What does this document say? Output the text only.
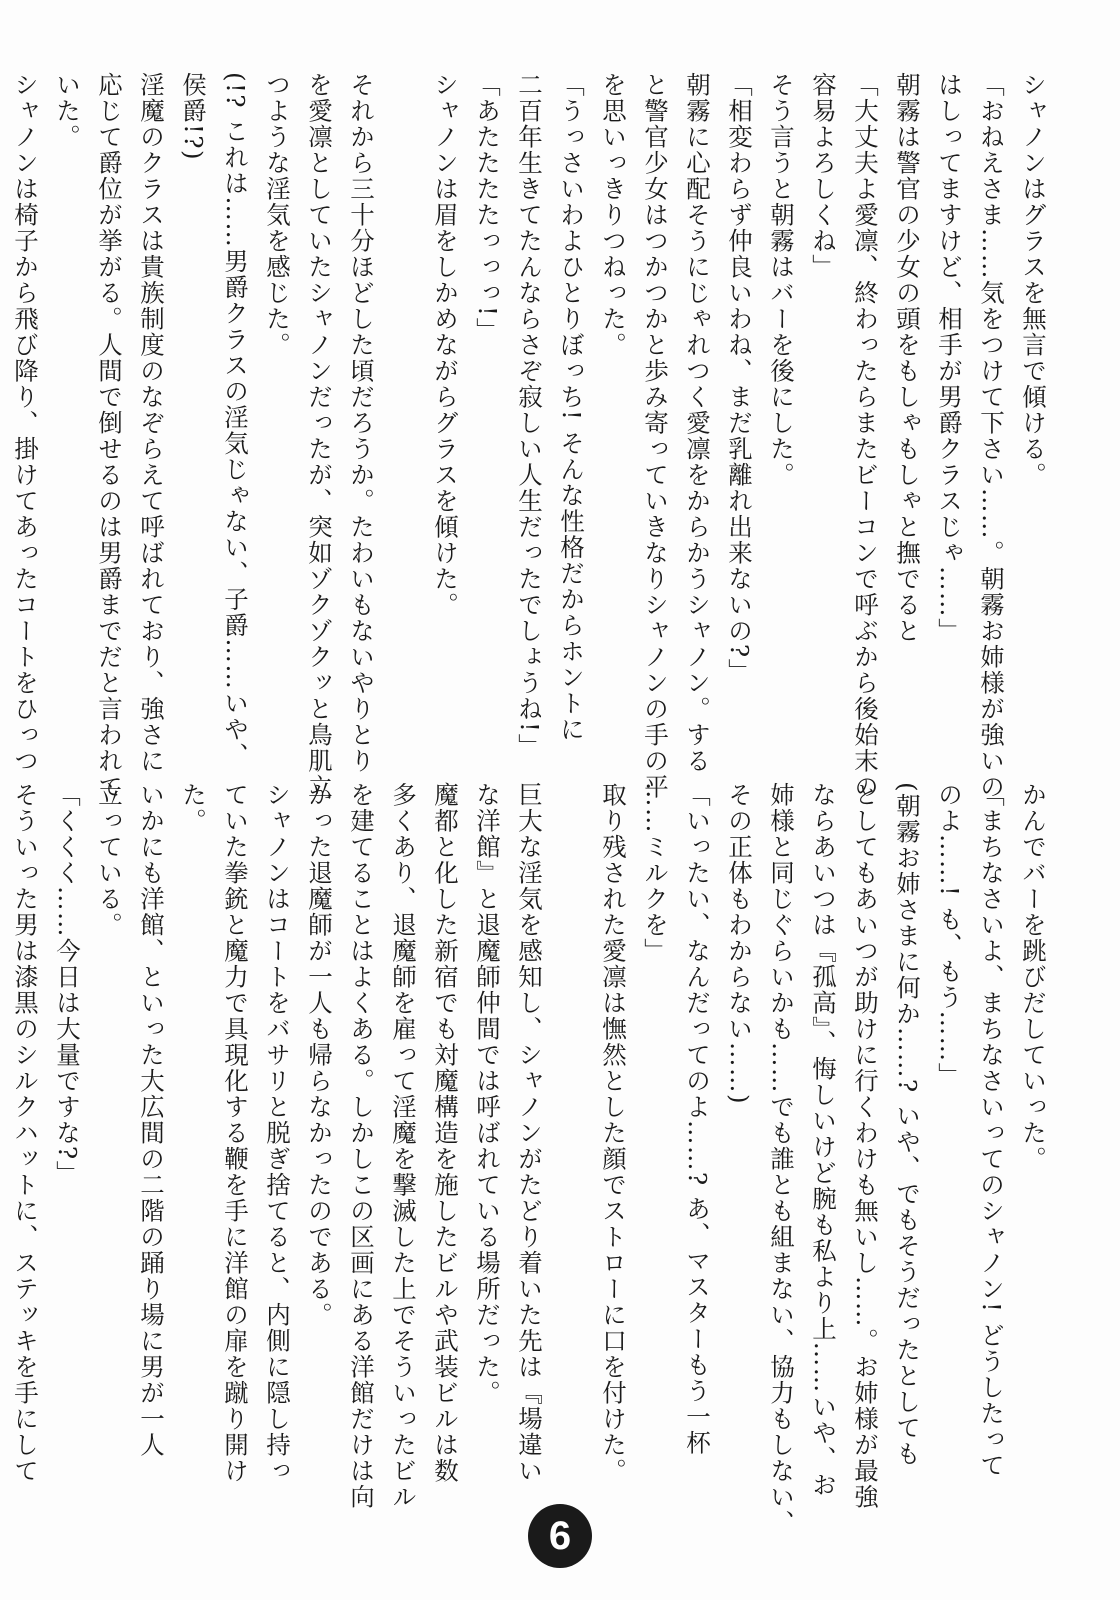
シャノンはグラスを無言で傾ける。
「おねえさま……気をつけて下さい……。朝霧お姉様が強いの
はしってますけど、相手が男爵クラスじゃ……」
朝霧は警官の少女の頭をもしゃもしゃと撫でると
「大丈夫よ愛凛、終わったらまたビーコンで呼ぶから後始末の
容易よろしくね」
そう言うと朝霧はバーを後にした。
「相変わらず仲良いわね、まだ乳離れ出来ないの?」
朝霧に心配そうにじゃれつく愛凛をからかうシャノン。する
と警官少女はつかつかと歩み寄っていきなりシャノンの手の平
を思いっきりつねった。
「うっさいわよひとりぼっち! そんな性格だからホントに
二百年生きてたんならさぞ寂しい人生だったでしょうね!」
「あたたたたっっっ!」
シャノンは眉をしかめながらグラスを傾けた。
それから三十分ほどした頃だろうか。たわいもないやりとり
を愛凛としていたシャノンだったが、突如ゾクゾクッと鳥肌立
つような淫気を感じた。
(!? これは……男爵クラスの淫気じゃない、子爵……いや、
侯爵!?)
淫魔のクラスは貴族制度のなぞらえて呼ばれており、強さに
応じて爵位が挙がる。人間で倒せるのは男爵までだと言われて
いた。
シャノンは椅子から飛び降り、掛けてあったコートをひっつ
かんでバーを跳びだしていった。
「まちなさいよ、まちなさいってのシャノン! どうしたって
のよ……! も、もう……」
(朝霧お姉さまに何か……? いや、でもそうだったとしても
としてもあいつが助けに行くわけも無いし……。お姉様が最強
ならあいつは『孤高』、悔しいけど腕も私より上……いや、お
姉様と同じぐらいかも……でも誰とも組まない、協力もしない、
その正体もわからない……)
「いったい、なんだってのよ……? あ、マスターもう一杯
……ミルクを」
取り残された愛凛は憮然とした顔でストローに口を付けた。
巨大な淫気を感知し、シャノンがたどり着いた先は『場違い
な洋館』と退魔師仲間では呼ばれている場所だった。
魔都と化した新宿でも対魔構造を施したビルや武装ビルは数
多くあり、退魔師を雇って淫魔を撃滅した上でそういったビル
を建てることはよくある。しかしこの区画にある洋館だけは向
かった退魔師が一人も帰らなかったのである。
シャノンはコートをバサリと脱ぎ捨てると、内側に隠し持っ
ていた拳銃と魔力で具現化する鞭を手に洋館の扉を蹴り開け
た。
いかにも洋館、といった大広間の二階の踊り場に男が一人
立っている。
「くくく……今日は大量ですな?」
そういった男は漆黒のシルクハットに、ステッキを手にして
6
